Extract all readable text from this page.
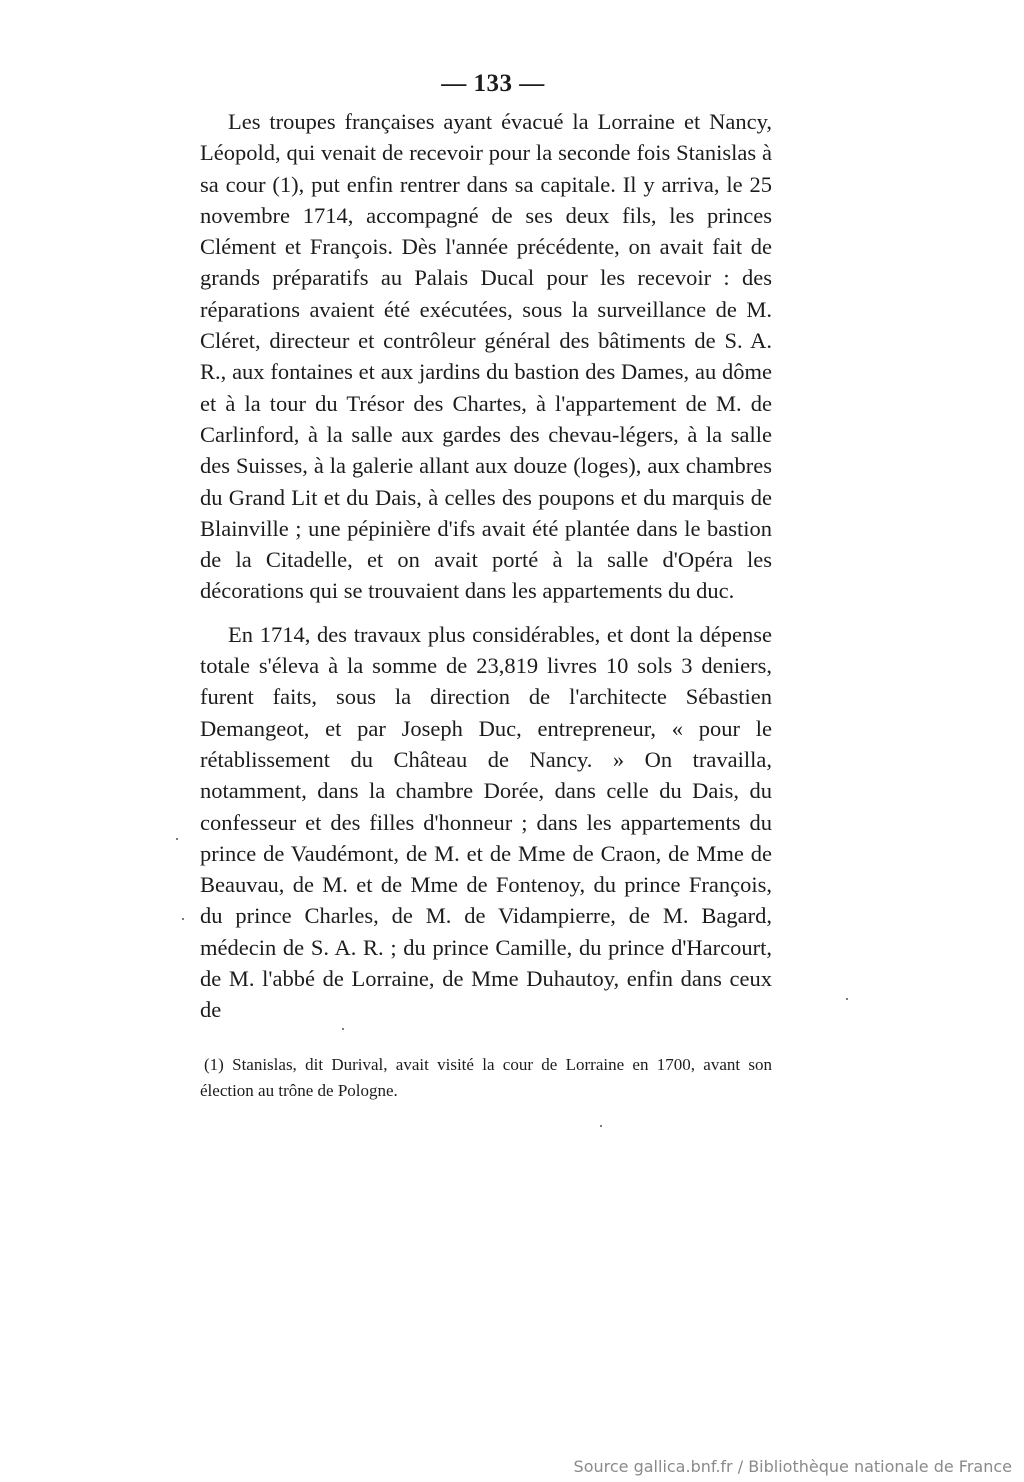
— 133 —

Les troupes françaises ayant évacué la Lorraine et Nancy, Léopold, qui venait de recevoir pour la seconde fois Stanislas à sa cour (1), put enfin rentrer dans sa capitale. Il y arriva, le 25 novembre 1714, accompagné de ses deux fils, les princes Clément et François. Dès l'année précédente, on avait fait de grands préparatifs au Palais Ducal pour les recevoir : des réparations avaient été exécutées, sous la surveillance de M. Cléret, directeur et contrôleur général des bâtiments de S. A. R., aux fontaines et aux jardins du bastion des Dames, au dôme et à la tour du Trésor des Chartes, à l'appartement de M. de Carlinford, à la salle aux gardes des chevau-légers, à la salle des Suisses, à la galerie allant aux douze (loges), aux chambres du Grand Lit et du Dais, à celles des poupons et du marquis de Blainville ; une pépinière d'ifs avait été plantée dans le bastion de la Citadelle, et on avait porté à la salle d'Opéra les décorations qui se trouvaient dans les appartements du duc.

En 1714, des travaux plus considérables, et dont la dépense totale s'éleva à la somme de 23,819 livres 10 sols 3 deniers, furent faits, sous la direction de l'architecte Sébastien Demangeot, et par Joseph Duc, entrepreneur, « pour le rétablissement du Château de Nancy. » On travailla, notamment, dans la chambre Dorée, dans celle du Dais, du confesseur et des filles d'honneur ; dans les appartements du prince de Vaudémont, de M. et de Mme de Craon, de Mme de Beauvau, de M. et de Mme de Fontenoy, du prince François, du prince Charles, de M. de Vidampierre, de M. Bagard, médecin de S. A. R. ; du prince Camille, du prince d'Harcourt, de M. l'abbé de Lorraine, de Mme Duhautoy, enfin dans ceux de

(1) Stanislas, dit Durival, avait visité la cour de Lorraine en 1700, avant son élection au trône de Pologne.

Source gallica.bnf.fr / Bibliothèque nationale de France
